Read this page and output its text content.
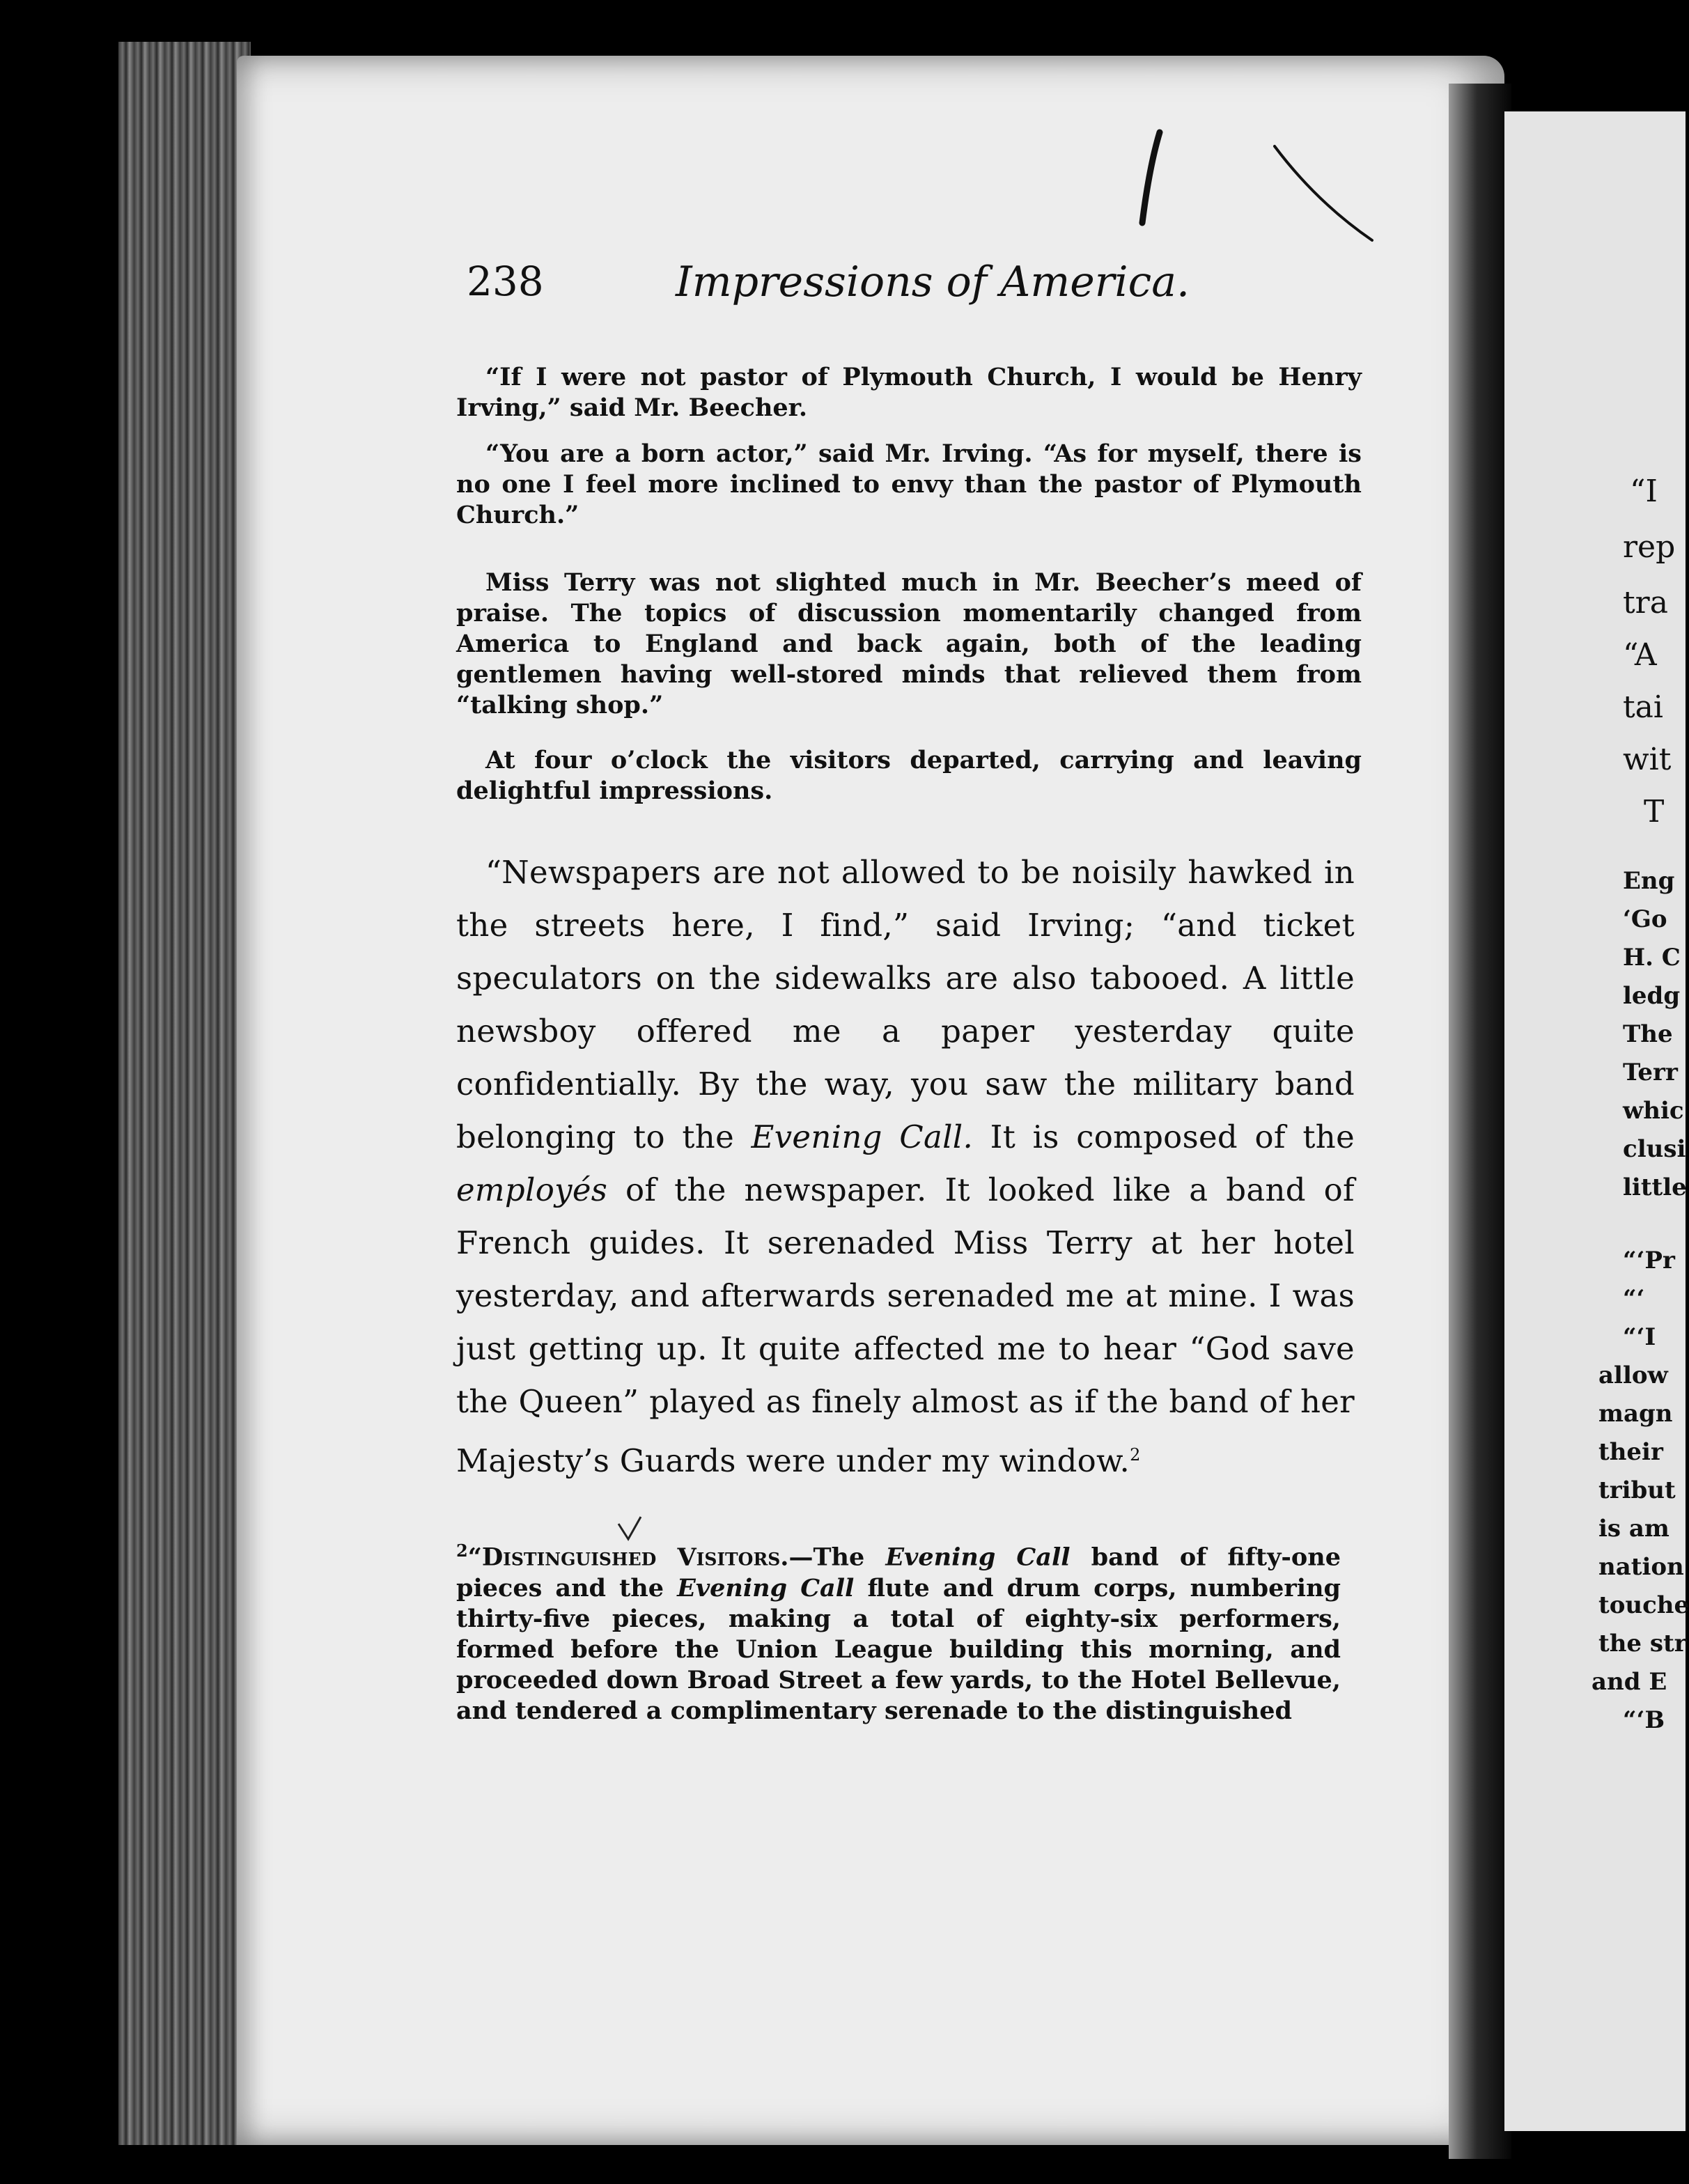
“I
rep
tra
“A
tai
wit
T
Eng
‘Go
H. C
ledg
The
Terr
whic
clusi
little
“‘Pr
“‘
“‘I
allow
magn
their
tribut
is am
nation
touche
the str
and E
“‘B
238	Impressions of America.

“If I were not pastor of Plymouth Church, I would be Henry Irving,” said Mr. Beecher.

“You are a born actor,” said Mr. Irving. “As for myself, there is no one I feel more inclined to envy than the pastor of Plymouth Church.”

Miss Terry was not slighted much in Mr. Beecher’s meed of praise. The topics of discussion momentarily changed from America to England and back again, both of the leading gentlemen having well-stored minds that relieved them from “talking shop.”

At four o’clock the visitors departed, carrying and leaving delightful impressions.

“Newspapers are not allowed to be noisily hawked in the streets here, I find,” said Irving; “and ticket speculators on the sidewalks are also tabooed. A little newsboy offered me a paper yesterday quite confidentially. By the way, you saw the military band belonging to the Evening Call. It is composed of the employés of the newspaper. It looked like a band of French guides. It serenaded Miss Terry at her hotel yesterday, and afterwards serenaded me at mine. I was just getting up. It quite affected me to hear “God save the Queen” played as finely almost as if the band of her Majesty’s Guards were under my window.$^2$

$^2$“Distinguished Visitors.—The Evening Call band of fifty-one pieces and the Evening Call flute and drum corps, numbering thirty-five pieces, making a total of eighty-six performers, formed before the Union League building this morning, and proceeded down Broad Street a few yards, to the Hotel Bellevue, and tendered a complimentary serenade to the distinguished
